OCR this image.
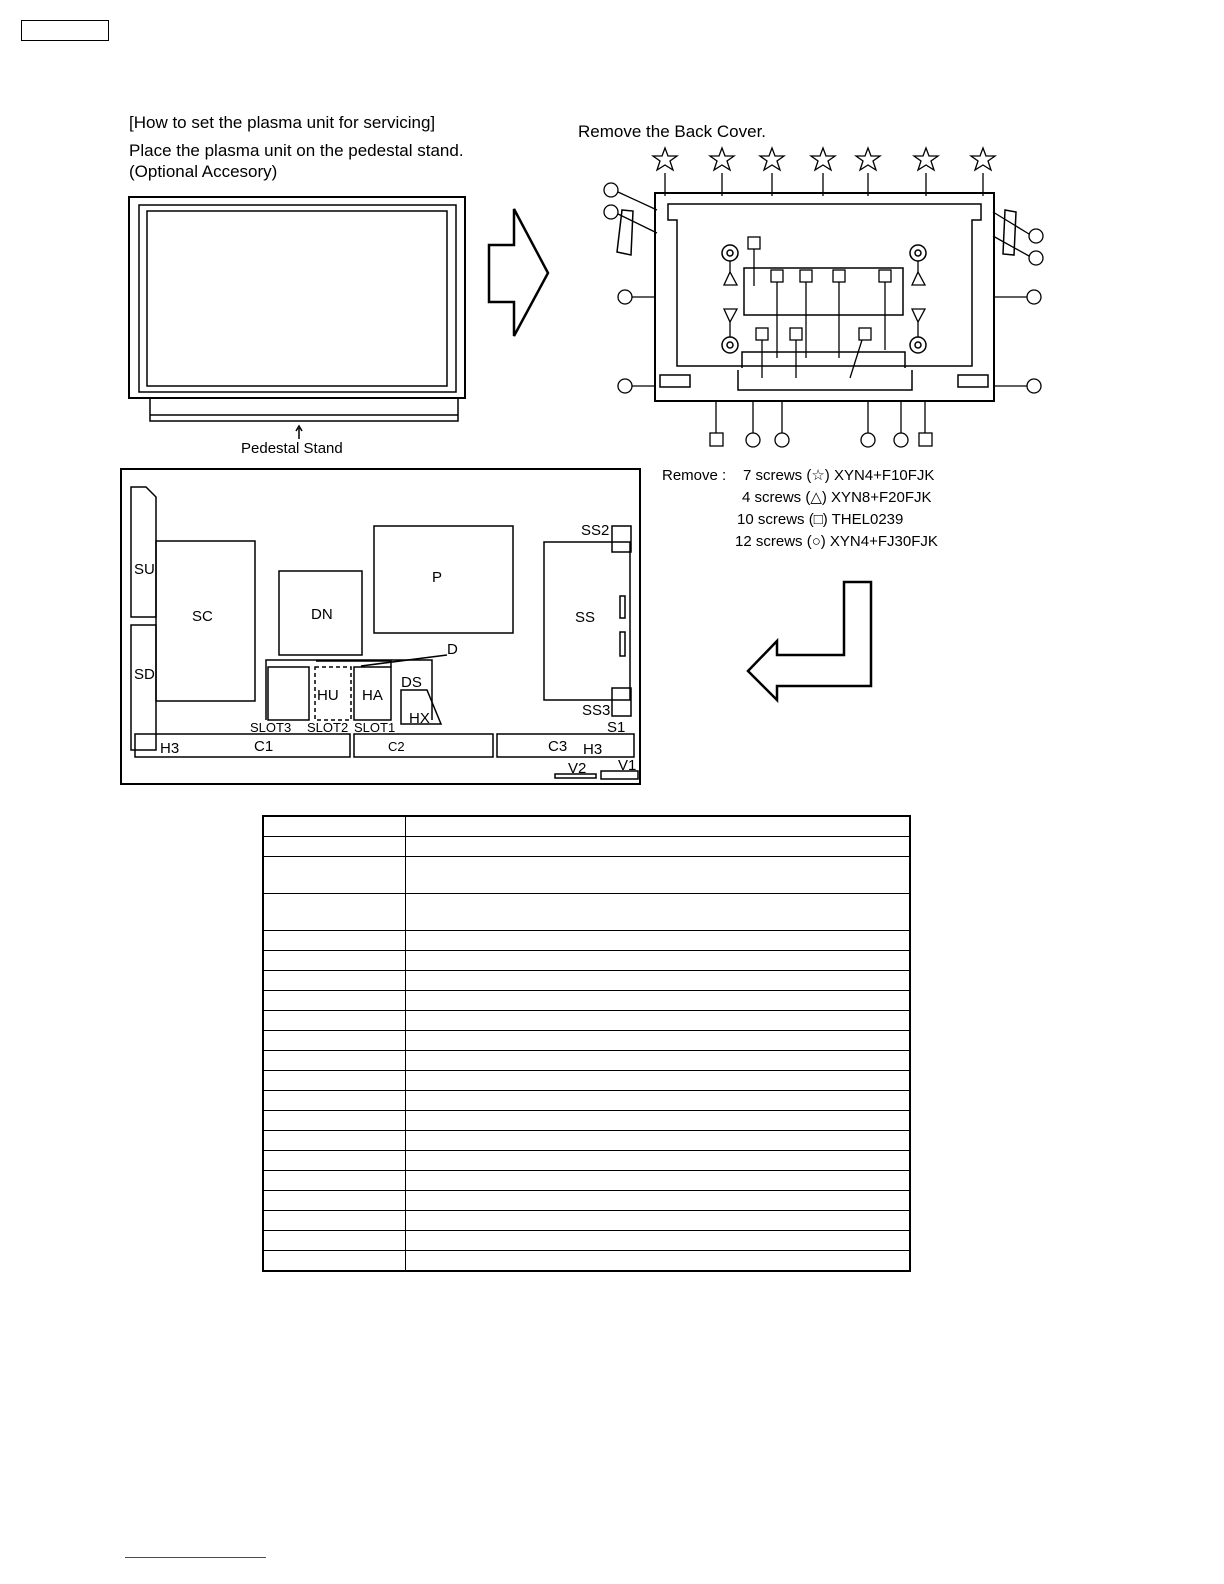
[How to set the plasma unit for servicing]
Place the plasma unit on the pedestal stand.
(Optional Accesory)
Pedestal Stand
Remove the Back Cover.
Remove : 7 screws (☆) XYN4+F10FJK
4 screws (△) XYN8+F20FJK
10 screws (□) THEL0239
12 screws (○) XYN4+FJ30FJK
SU
SC
SD
DN
P
D
HU HA
DS
HX
SS
SS2
SS3
S1
SLOT3 SLOT2 SLOT1
H3	C1	C2	C3 H3
V2 V1
